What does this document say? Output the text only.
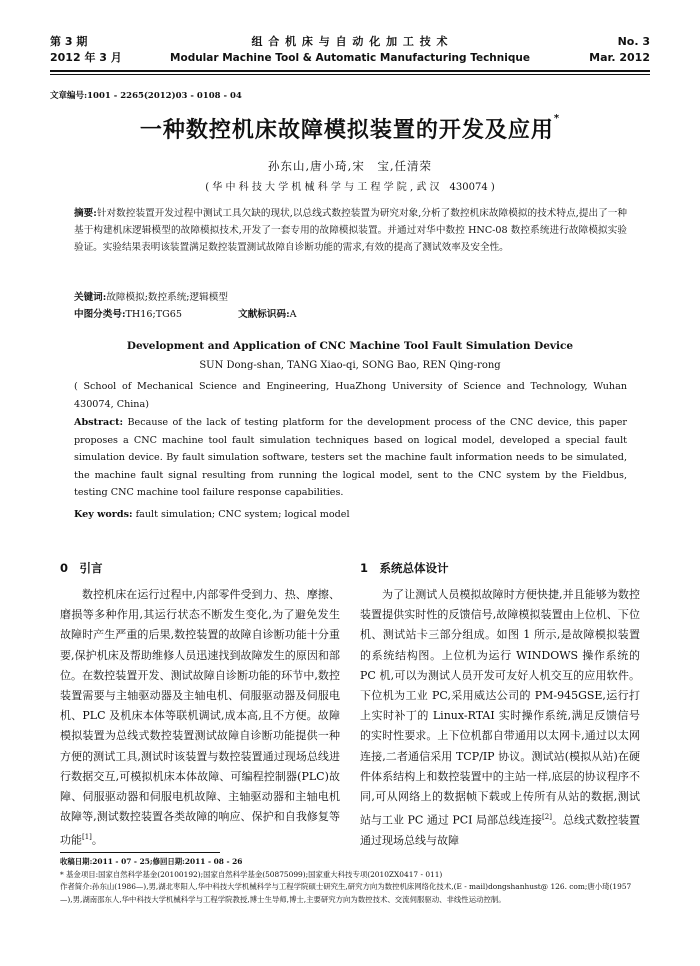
第 3 期
2012 年 3 月
组 合 机 床 与 自 动 化 加 工 技 术
Modular Machine Tool & Automatic Manufacturing Technique
No. 3
Mar. 2012
文章编号:1001 - 2265(2012)03 - 0108 - 04
一种数控机床故障模拟装置的开发及应用*
孙东山,唐小琦,宋　宝,任清荣
( 华 中 科 技 大 学 机 械 科 学 与 工 程 学 院 , 武 汉　430074 )
摘要:针对数控装置开发过程中测试工具欠缺的现状,以总线式数控装置为研究对象,分析了数控机床故障模拟的技术特点,提出了一种基于构建机床逻辑模型的故障模拟技术,开发了一套专用的故障模拟装置。并通过对华中数控 HNC-08 数控系统进行故障模拟实验验证。实验结果表明该装置满足数控装置测试故障自诊断功能的需求,有效的提高了测试效率及安全性。
关键词:故障模拟;数控系统;逻辑模型
中图分类号:TH16;TG65	文献标识码:A
Development and Application of CNC Machine Tool Fault Simulation Device
SUN Dong-shan, TANG Xiao-qi, SONG Bao, REN Qing-rong
( School of Mechanical Science and Engineering, HuaZhong University of Science and Technology, Wuhan 430074, China)
Abstract: Because of the lack of testing platform for the development process of the CNC device, this paper proposes a CNC machine tool fault simulation techniques based on logical model, developed a special fault simulation device. By fault simulation software, testers set the machine fault information needs to be simulated, the machine fault signal resulting from running the logical model, sent to the CNC system by the Fieldbus, testing CNC machine tool failure response capabilities.
Key words: fault simulation; CNC system; logical model
0　引言

数控机床在运行过程中,内部零件受到力、热、摩擦、磨损等多种作用,其运行状态不断发生变化,为了避免发生故障时产生严重的后果,数控装置的故障自诊断功能十分重要,保护机床及帮助维修人员迅速找到故障发生的原因和部位。在数控装置开发、测试故障自诊断功能的环节中,数控装置需要与主轴驱动器及主轴电机、伺服驱动器及伺服电机、PLC 及机床本体等联机调试,成本高,且不方便。故障模拟装置为总线式数控装置测试故障自诊断功能提供一种方便的测试工具,测试时该装置与数控装置通过现场总线进行数据交互,可模拟机床本体故障、可编程控制器(PLC)故障、伺服驱动器和伺服电机故障、主轴驱动器和主轴电机故障等,测试数控装置各类故障的响应、保护和自我修复等功能[1]。

1　系统总体设计

为了让测试人员模拟故障时方便快捷,并且能够为数控装置提供实时性的反馈信号,故障模拟装置由上位机、下位机、测试站卡三部分组成。如图 1 所示,是故障模拟装置的系统结构图。上位机为运行 WINDOWS 操作系统的 PC 机,可以为测试人员开发可友好人机交互的应用软件。下位机为工业 PC,采用威达公司的 PM-945GSE,运行打上实时补丁的 Linux-RTAI 实时操作系统,满足反馈信号的实时性要求。上下位机都自带通用以太网卡,通过以太网连接,二者通信采用 TCP/IP 协议。测试站(模拟从站)在硬件体系结构上和数控装置中的主站一样,底层的协议程序不同,可从网络上的数据帧下载或上传所有从站的数据,测试站与工业 PC 通过 PCI 局部总线连接[2]。总线式数控装置通过现场总线与故障

收稿日期:2011 - 07 - 25;修回日期:2011 - 08 - 26
* 基金项目:国家自然科学基金(20100192);国家自然科学基金(50875099);国家重大科技专项(2010ZX0417 - 011)
作者简介:孙东山(1986—),男,湖北枣阳人,华中科技大学机械科学与工程学院硕士研究生,研究方向为数控机床网络化技术,(E - mail)dongshanhust@ 126. com;唐小琦(1957—),男,湖南邵东人,华中科技大学机械科学与工程学院教授,博士生导师,博士,主要研究方向为数控技术、交流伺服驱动、非线性运动控制。
